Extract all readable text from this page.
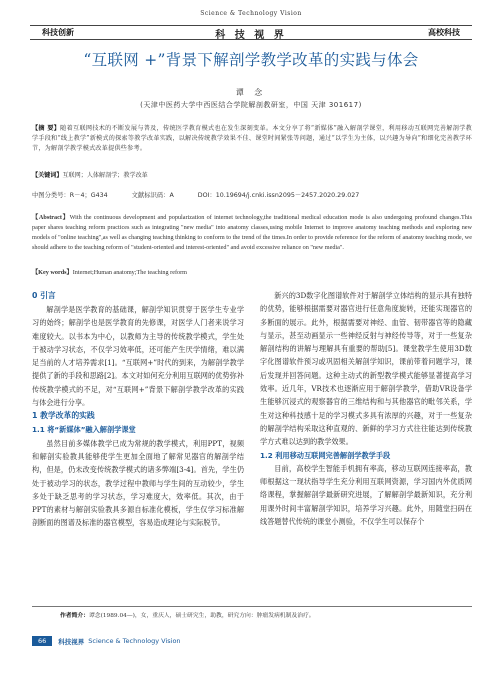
Science & Technology Vision
科技创新	科 技 视 界	高校科技
“互联网 +”背景下解剖学教学改革的实践与体会
谭 念
(天津中医药大学中西医结合学院解剖教研室，中国 天津 301617)
【摘 要】随着互联网技术的不断发展与普及，传统医学教育模式也在发生深刻变革。本文分享了将“新媒体”融入解剖学课堂，利用移动互联网完善解剖学教学手段和“线上教学”新模式的探索等教学改革实践，以解决传统教学效果不佳、课堂时间紧张等问题，通过“以学生为主体，以兴趣为导向”和细化完善教学环节，为解剖学教学模式改革提供些参考。
【关键词】互联网；人体解剖学；教学改革
中图分类号：R－4；G434	文献标识码：A	DOI：10.19694/j.cnki.issn2095－2457.2020.29.027
【Abstract】With the continuous development and popularization of internet technology,the traditional medical education mode is also undergoing profound changes.This paper shares teaching reform practices such as integrating "new media" into anatomy classes,using mobile Internet to improve anatomy teaching methods and exploring new models of "online teaching",as well as changing teaching thinking to conform to the trend of the times.In order to provide reference for the reform of anatomy teaching mode, we should adhere to the teaching reform of "student-oriented and interest-oriented" and avoid excessive reliance on "new media".
【Key words】Internet;Human anatomy;The teaching reform
0 引言

解剖学是医学教育的基础课，解剖学知识贯穿于医学生专业学习的始终；解剖学也是医学教育的先修课，对医学人门者来说学习难度较大。以书本为中心，以教师为主导的传统教学模式，学生处于被动学习状态，不仅学习效率低，还可能产生厌学情绪，难以满足当前的人才培养需求[1]。“互联网+”时代的到来，为解剖学教学提供了新的手段和思路[2]。本文对如何充分利用互联网的优势弥补传统教学模式的不足，对“互联网+”背景下解剖学教学改革的实践与体会进行分享。

1 教学改革的实践
1.1 将“新媒体”融入解剖学课堂

虽然目前多媒体教学已成为常规的教学模式，利用PPT，视频和解剖实验教具能够使学生更加全面地了解常见器官的解剖学结构，但是，仍未改变传统教学模式的诸多弊端[3-4]。首先，学生仍处于被动学习的状态，教学过程中教师与学生间的互动较少，学生多处于缺乏思考的学习状态，学习难度大，效率低。其次，由于PPT的素材与解剖实验教具多源自标准化模板，学生仅学习标准解剖断面的图谱及标准的器官模型，容易造成理论与实际脱节。

新兴的3D数字化图谱软件对于解剖学立体结构的显示具有独特的优势，能够根据需要对器官进行任意角度旋转，还能实现器官的多断面的展示。此外，根据需要对神经、血管、韧带器官等的隐藏与显示，甚至动画显示一些神经反射与神经传导等，对于一些复杂解剖结构的讲解与理解具有重要的帮助[5]。课堂教学生使用3D数字化图谱软件预习或巩固相关解剖学知识，课前带着问题学习，课后发现并回答问题。这种主动式的新型教学模式能够显著提高学习效率。近几年，VR技术也逐渐应用于解剖学教学，借助VR设备学生能够沉浸式的观察器官的三维结构和与其他器官的毗邻关系，学生对这种科技感十足的学习模式多具有浓厚的兴趣，对于一些复杂的解剖学结构采取这种直观的、新鲜的学习方式往往能达到传统教学方式难以达到的教学效果。

1.2 利用移动互联网完善解剖学教学手段

目前，高校学生智能手机拥有率高，移动互联网连接率高，教师根据这一现状指导学生充分利用互联网资源，学习国内外优质网络课程，掌握解剖学最新研究进展，了解解剖学最新知识，充分利用课外时间丰富解剖学知识，培养学习兴趣。此外，用随堂扫码在线答题替代传统的课堂小测验，不仅学生可以保存个

作者简介：谭念(1989.04—)，女，重庆人，硕士研究生，助教，研究方向：肿瘤发病机制及治疗。
66	科技视界 Science & Technology Vision
